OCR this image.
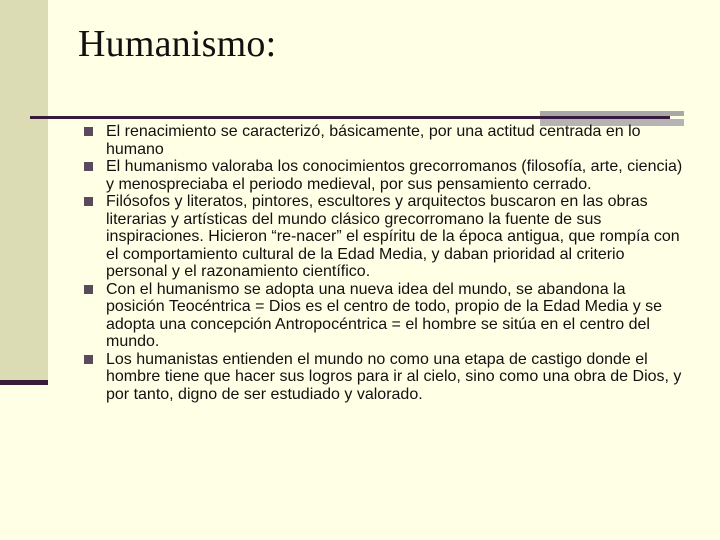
Humanismo:
El renacimiento se caracterizó, básicamente, por una actitud centrada en lo humano
El humanismo valoraba los conocimientos grecorromanos (filosofía, arte, ciencia) y menospreciaba el periodo medieval, por sus pensamiento cerrado.
Filósofos y literatos, pintores, escultores y arquitectos buscaron en las obras literarias y artísticas del mundo clásico grecorromano la fuente de sus inspiraciones. Hicieron “re-nacer” el espíritu de la época antigua, que rompía con el comportamiento cultural de la Edad Media, y daban prioridad al criterio personal y el razonamiento científico.
Con el humanismo se adopta una nueva idea del mundo, se abandona la posición Teocéntrica = Dios es el centro de todo, propio de la Edad Media y se adopta una concepción Antropocéntrica = el hombre se sitúa en el centro del mundo.
Los humanistas entienden el mundo no como una etapa de castigo donde el hombre tiene que hacer sus logros para ir al cielo, sino como una obra de Dios, y por tanto, digno de ser estudiado y valorado.
